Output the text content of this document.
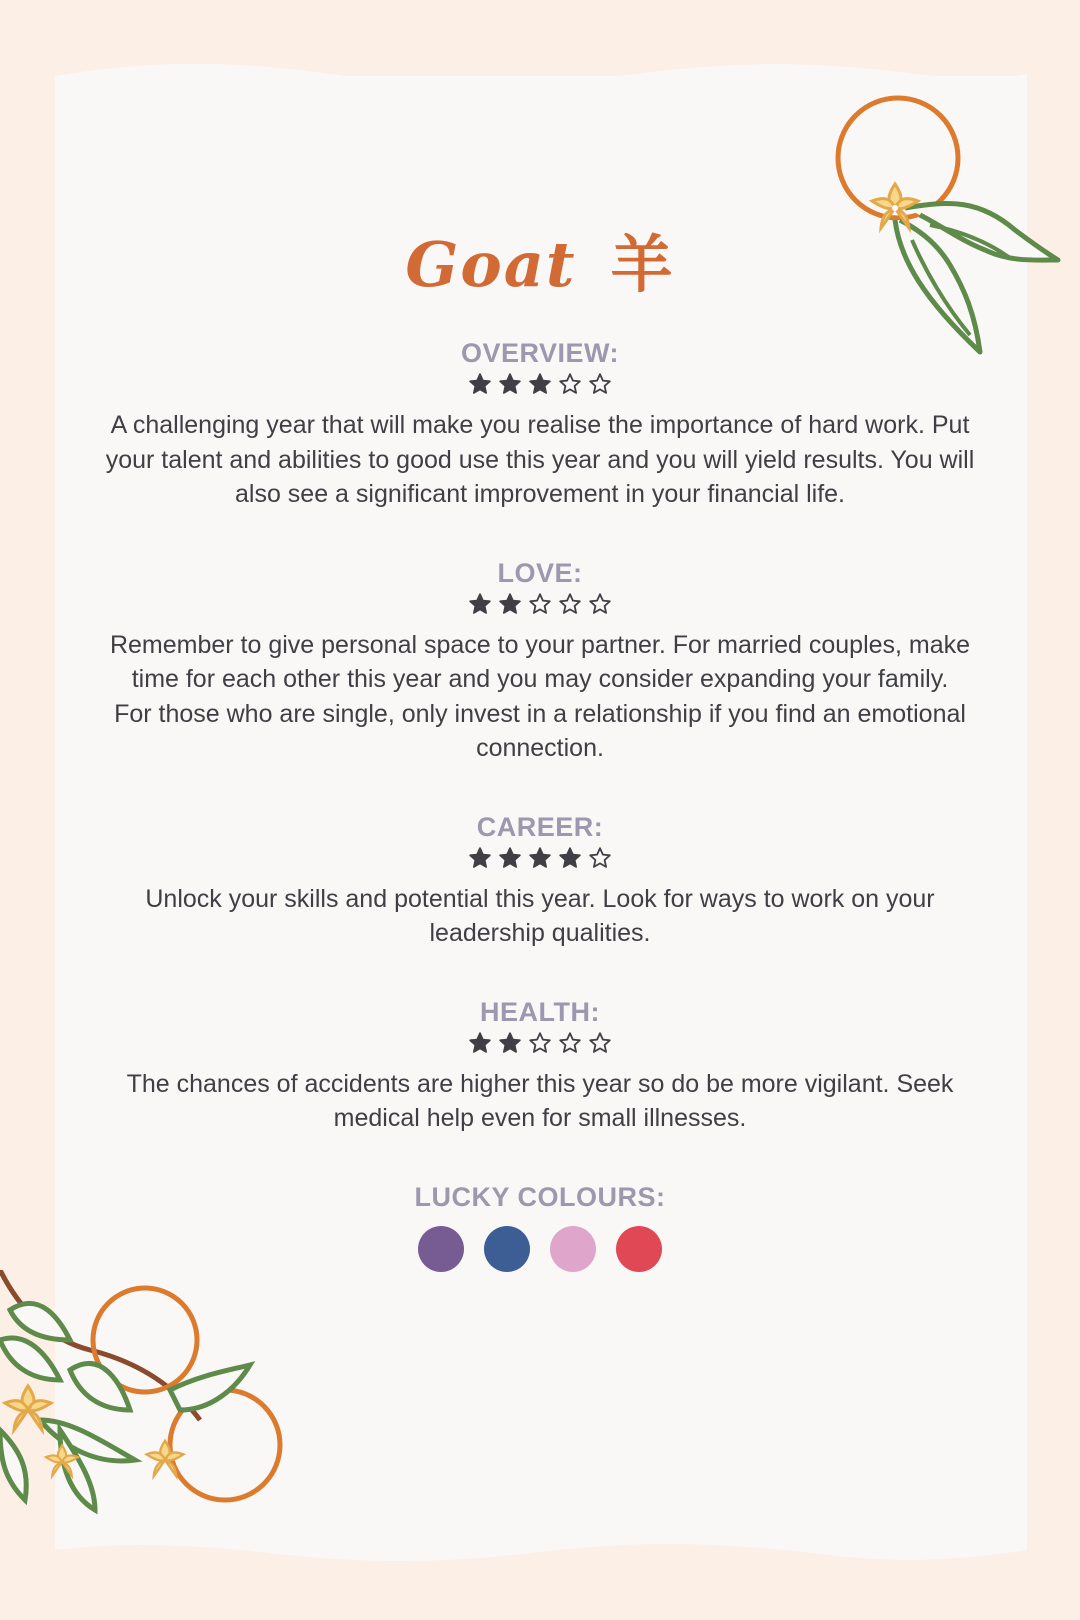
Goat 羊
OVERVIEW:

A challenging year that will make you realise the importance of hard work. Put your talent and abilities to good use this year and you will yield results. You will also see a significant improvement in your financial life.

LOVE:

Remember to give personal space to your partner. For married couples, make time for each other this year and you may consider expanding your family.

For those who are single, only invest in a relationship if you find an emotional connection.

CAREER:

Unlock your skills and potential this year. Look for ways to work on your leadership qualities.

HEALTH:

The chances of accidents are higher this year so do be more vigilant. Seek medical help even for small illnesses.

LUCKY COLOURS:
